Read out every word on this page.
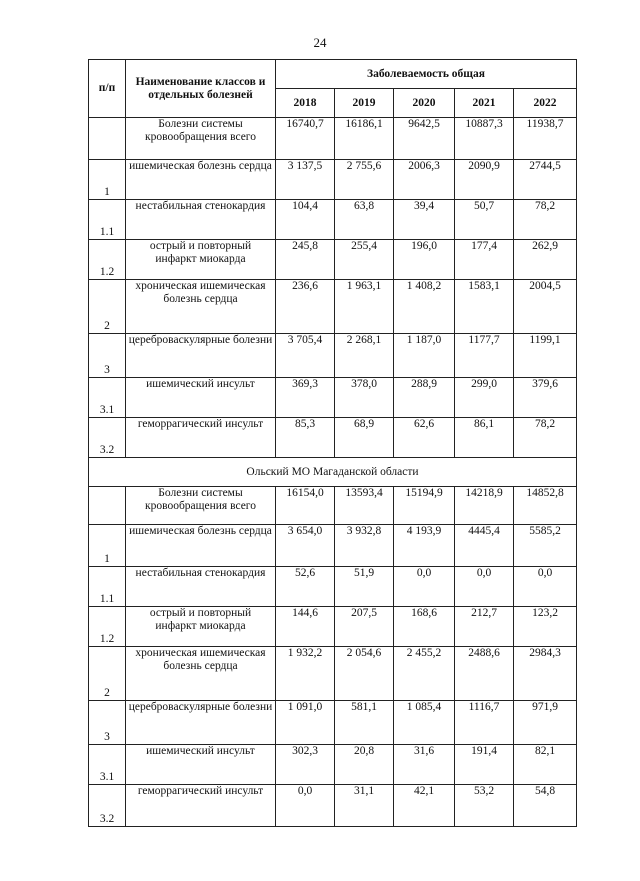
24
п/п	Наименование классов и отдельных болезней	Заболеваемость общая				
		2018	2019	2020	2021	2022
	Болезни системы кровообращения всего	16740,7	16186,1	9642,5	10887,3	11938,7
1	ишемическая болезнь сердца	3 137,5	2 755,6	2006,3	2090,9	2744,5
1.1	нестабильная стенокардия	104,4	63,8	39,4	50,7	78,2
1.2	острый и повторный инфаркт миокарда	245,8	255,4	196,0	177,4	262,9
2	хроническая ишемическая болезнь сердца	236,6	1 963,1	1 408,2	1583,1	2004,5
3	цереброваскулярные болезни	3 705,4	2 268,1	1 187,0	1177,7	1199,1
3.1	ишемический инсульт	369,3	378,0	288,9	299,0	379,6
3.2	геморрагический инсульт	85,3	68,9	62,6	86,1	78,2
Ольский МО Магаданской области						
	Болезни системы кровообращения всего	16154,0	13593,4	15194,9	14218,9	14852,8
1	ишемическая болезнь сердца	3 654,0	3 932,8	4 193,9	4445,4	5585,2
1.1	нестабильная стенокардия	52,6	51,9	0,0	0,0	0,0
1.2	острый и повторный инфаркт миокарда	144,6	207,5	168,6	212,7	123,2
2	хроническая ишемическая болезнь сердца	1 932,2	2 054,6	2 455,2	2488,6	2984,3
3	цереброваскулярные болезни	1 091,0	581,1	1 085,4	1116,7	971,9
3.1	ишемический инсульт	302,3	20,8	31,6	191,4	82,1
3.2	геморрагический инсульт	0,0	31,1	42,1	53,2	54,8
